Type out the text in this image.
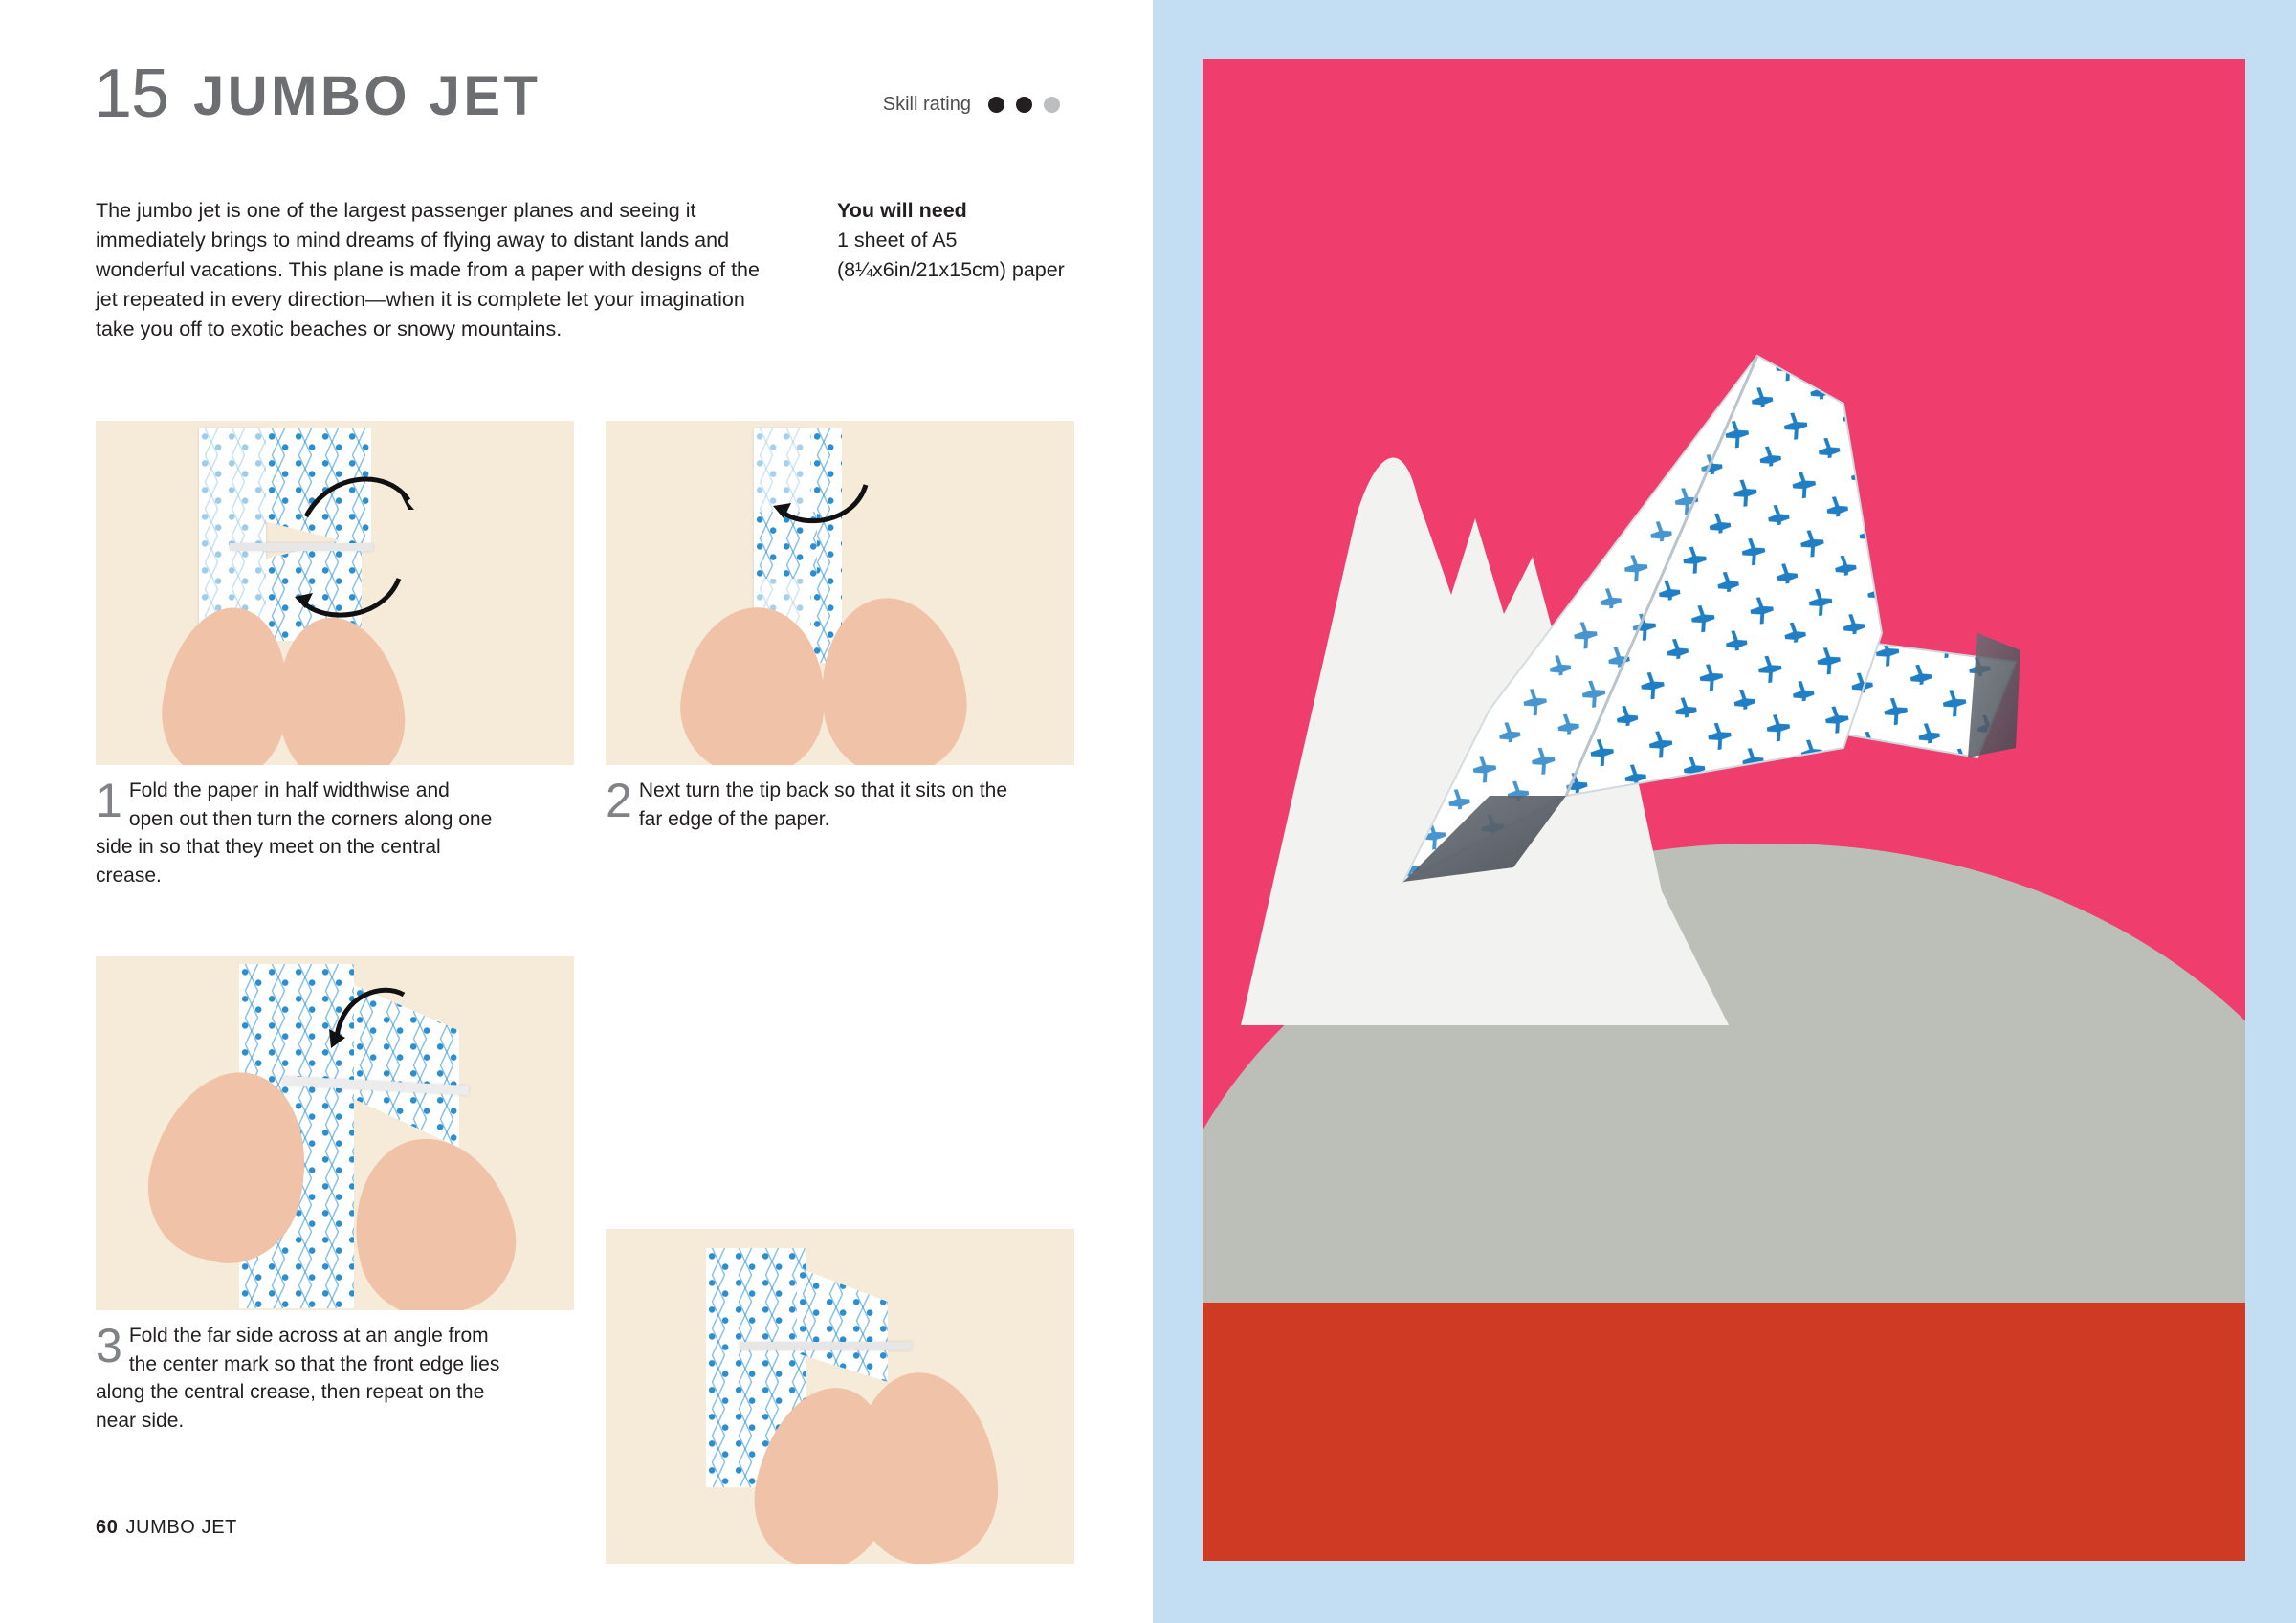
15 JUMBO JET	Skill rating
The jumbo jet is one of the largest passenger planes and seeing it immediately brings to mind dreams of flying away to distant lands and wonderful vacations. This plane is made from a paper with designs of the jet repeated in every direction—when it is complete let your imagination take you off to exotic beaches or snowy mountains.
You will need
1 sheet of A5
(8¼x6in/21x15cm) paper
1 Fold the paper in half widthwise and open out then turn the corners along one side in so that they meet on the central crease.
2 Next turn the tip back so that it sits on the far edge of the paper.
3 Fold the far side across at an angle from the center mark so that the front edge lies along the central crease, then repeat on the near side.
60 JUMBO JET
